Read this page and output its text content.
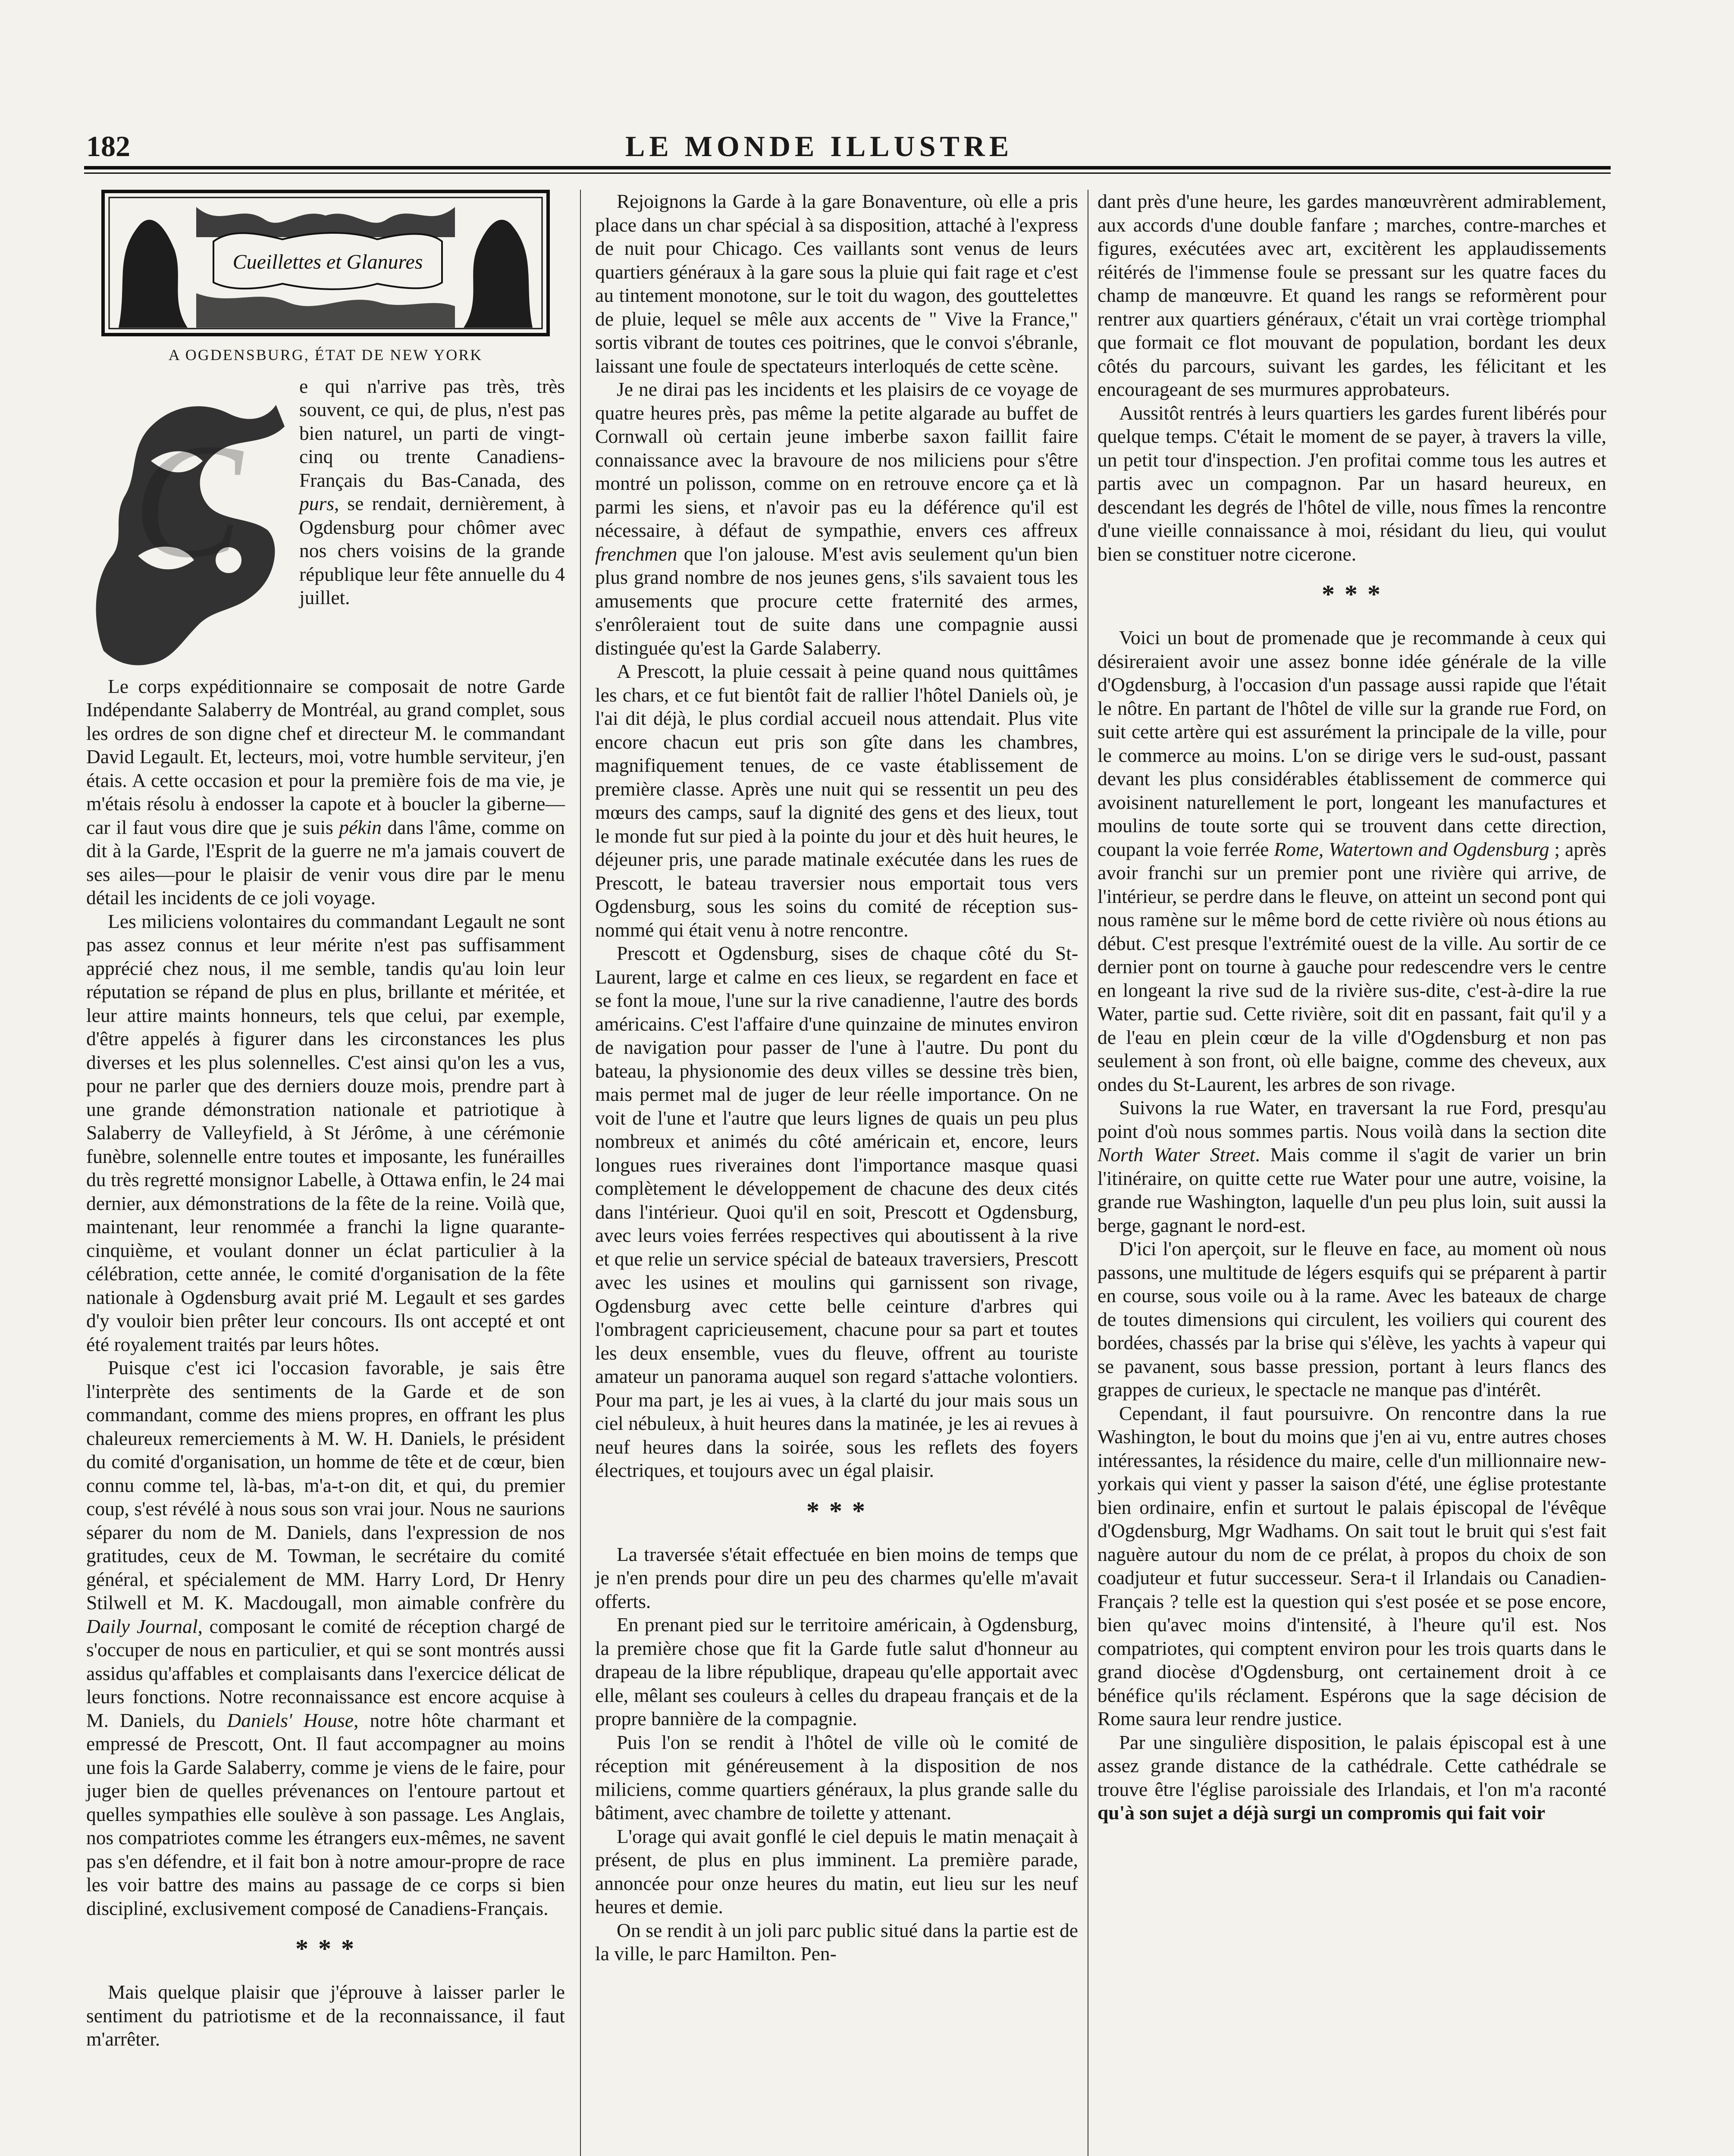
182	LE MONDE ILLUSTRE
Cueillettes et Glanures

A OGDENSBURG, ÉTAT DE NEW YORK

C

e qui n'arrive pas très, très souvent, ce qui, de plus, n'est pas bien naturel, un parti de vingt-cinq ou trente Canadiens-Français du Bas-Canada, des purs, se rendait, dernièrement, à Ogdensburg pour chômer avec nos chers voisins de la grande république leur fête annuelle du 4 juillet.

Le corps expéditionnaire se composait de notre Garde Indépendante Salaberry de Montréal, au grand complet, sous les ordres de son digne chef et directeur M. le commandant David Legault. Et, lecteurs, moi, votre humble serviteur, j'en étais. A cette occasion et pour la première fois de ma vie, je m'étais résolu à endosser la capote et à boucler la giberne—car il faut vous dire que je suis pékin dans l'âme, comme on dit à la Garde, l'Esprit de la guerre ne m'a jamais couvert de ses ailes—pour le plaisir de venir vous dire par le menu détail les incidents de ce joli voyage.

Les miliciens volontaires du commandant Legault ne sont pas assez connus et leur mérite n'est pas suffisamment apprécié chez nous, il me semble, tandis qu'au loin leur réputation se répand de plus en plus, brillante et méritée, et leur attire maints honneurs, tels que celui, par exemple, d'être appelés à figurer dans les circonstances les plus diverses et les plus solennelles. C'est ainsi qu'on les a vus, pour ne parler que des derniers douze mois, prendre part à une grande démonstration nationale et patriotique à Salaberry de Valleyfield, à St Jérôme, à une cérémonie funèbre, solennelle entre toutes et imposante, les funérailles du très regretté monsignor Labelle, à Ottawa enfin, le 24 mai dernier, aux démonstrations de la fête de la reine. Voilà que, maintenant, leur renommée a franchi la ligne quarante-cinquième, et voulant donner un éclat particulier à la célébration, cette année, le comité d'organisation de la fête nationale à Ogdensburg avait prié M. Legault et ses gardes d'y vouloir bien prêter leur concours. Ils ont accepté et ont été royalement traités par leurs hôtes.

Puisque c'est ici l'occasion favorable, je sais être l'interprète des sentiments de la Garde et de son commandant, comme des miens propres, en offrant les plus chaleureux remerciements à M. W. H. Daniels, le président du comité d'organisation, un homme de tête et de cœur, bien connu comme tel, là-bas, m'a-t-on dit, et qui, du premier coup, s'est révélé à nous sous son vrai jour. Nous ne saurions séparer du nom de M. Daniels, dans l'expression de nos gratitudes, ceux de M. Towman, le secrétaire du comité général, et spécialement de MM. Harry Lord, Dr Henry Stilwell et M. K. Macdougall, mon aimable confrère du Daily Journal, composant le comité de réception chargé de s'occuper de nous en particulier, et qui se sont montrés aussi assidus qu'affables et complaisants dans l'exercice délicat de leurs fonctions. Notre reconnaissance est encore acquise à M. Daniels, du Daniels' House, notre hôte charmant et empressé de Prescott, Ont. Il faut accompagner au moins une fois la Garde Salaberry, comme je viens de le faire, pour juger bien de quelles prévenances on l'entoure partout et quelles sympathies elle soulève à son passage. Les Anglais, nos compatriotes comme les étrangers eux-mêmes, ne savent pas s'en défendre, et il fait bon à notre amour-propre de race les voir battre des mains au passage de ce corps si bien discipliné, exclusivement composé de Canadiens-Français.

* * *

Mais quelque plaisir que j'éprouve à laisser parler le sentiment du patriotisme et de la reconnaissance, il faut m'arrêter.

Rejoignons la Garde à la gare Bonaventure, où elle a pris place dans un char spécial à sa disposition, attaché à l'express de nuit pour Chicago. Ces vaillants sont venus de leurs quartiers généraux à la gare sous la pluie qui fait rage et c'est au tintement monotone, sur le toit du wagon, des gouttelettes de pluie, lequel se mêle aux accents de " Vive la France," sortis vibrant de toutes ces poitrines, que le convoi s'ébranle, laissant une foule de spectateurs interloqués de cette scène.

Je ne dirai pas les incidents et les plaisirs de ce voyage de quatre heures près, pas même la petite algarade au buffet de Cornwall où certain jeune imberbe saxon faillit faire connaissance avec la bravoure de nos miliciens pour s'être montré un polisson, comme on en retrouve encore ça et là parmi les siens, et n'avoir pas eu la déférence qu'il est nécessaire, à défaut de sympathie, envers ces affreux frenchmen que l'on jalouse. M'est avis seulement qu'un bien plus grand nombre de nos jeunes gens, s'ils savaient tous les amusements que procure cette fraternité des armes, s'enrôleraient tout de suite dans une compagnie aussi distinguée qu'est la Garde Salaberry.

A Prescott, la pluie cessait à peine quand nous quittâmes les chars, et ce fut bientôt fait de rallier l'hôtel Daniels où, je l'ai dit déjà, le plus cordial accueil nous attendait. Plus vite encore chacun eut pris son gîte dans les chambres, magnifiquement tenues, de ce vaste établissement de première classe. Après une nuit qui se ressentit un peu des mœurs des camps, sauf la dignité des gens et des lieux, tout le monde fut sur pied à la pointe du jour et dès huit heures, le déjeuner pris, une parade matinale exécutée dans les rues de Prescott, le bateau traversier nous emportait tous vers Ogdensburg, sous les soins du comité de réception sus-nommé qui était venu à notre rencontre.

Prescott et Ogdensburg, sises de chaque côté du St-Laurent, large et calme en ces lieux, se regardent en face et se font la moue, l'une sur la rive canadienne, l'autre des bords américains. C'est l'affaire d'une quinzaine de minutes environ de navigation pour passer de l'une à l'autre. Du pont du bateau, la physionomie des deux villes se dessine très bien, mais permet mal de juger de leur réelle importance. On ne voit de l'une et l'autre que leurs lignes de quais un peu plus nombreux et animés du côté américain et, encore, leurs longues rues riveraines dont l'importance masque quasi complètement le développement de chacune des deux cités dans l'intérieur. Quoi qu'il en soit, Prescott et Ogdensburg, avec leurs voies ferrées respectives qui aboutissent à la rive et que relie un service spécial de bateaux traversiers, Prescott avec les usines et moulins qui garnissent son rivage, Ogdensburg avec cette belle ceinture d'arbres qui l'ombragent capricieusement, chacune pour sa part et toutes les deux ensemble, vues du fleuve, offrent au touriste amateur un panorama auquel son regard s'attache volontiers. Pour ma part, je les ai vues, à la clarté du jour mais sous un ciel nébuleux, à huit heures dans la matinée, je les ai revues à neuf heures dans la soirée, sous les reflets des foyers électriques, et toujours avec un égal plaisir.

* * *

La traversée s'était effectuée en bien moins de temps que je n'en prends pour dire un peu des charmes qu'elle m'avait offerts.

En prenant pied sur le territoire américain, à Ogdensburg, la première chose que fit la Garde futle salut d'honneur au drapeau de la libre république, drapeau qu'elle apportait avec elle, mêlant ses couleurs à celles du drapeau français et de la propre bannière de la compagnie.

Puis l'on se rendit à l'hôtel de ville où le comité de réception mit généreusement à la disposition de nos miliciens, comme quartiers généraux, la plus grande salle du bâtiment, avec chambre de toilette y attenant.

L'orage qui avait gonflé le ciel depuis le matin menaçait à présent, de plus en plus imminent. La première parade, annoncée pour onze heures du matin, eut lieu sur les neuf heures et demie.

On se rendit à un joli parc public situé dans la partie est de la ville, le parc Hamilton. Pen-

dant près d'une heure, les gardes manœuvrèrent admirablement, aux accords d'une double fanfare ; marches, contre-marches et figures, exécutées avec art, excitèrent les applaudissements réitérés de l'immense foule se pressant sur les quatre faces du champ de manœuvre. Et quand les rangs se reformèrent pour rentrer aux quartiers généraux, c'était un vrai cortège triomphal que formait ce flot mouvant de population, bordant les deux côtés du parcours, suivant les gardes, les félicitant et les encourageant de ses murmures approbateurs.

Aussitôt rentrés à leurs quartiers les gardes furent libérés pour quelque temps. C'était le moment de se payer, à travers la ville, un petit tour d'inspection. J'en profitai comme tous les autres et partis avec un compagnon. Par un hasard heureux, en descendant les degrés de l'hôtel de ville, nous fîmes la rencontre d'une vieille connaissance à moi, résidant du lieu, qui voulut bien se constituer notre cicerone.

* * *

Voici un bout de promenade que je recommande à ceux qui désireraient avoir une assez bonne idée générale de la ville d'Ogdensburg, à l'occasion d'un passage aussi rapide que l'était le nôtre. En partant de l'hôtel de ville sur la grande rue Ford, on suit cette artère qui est assurément la principale de la ville, pour le commerce au moins. L'on se dirige vers le sud-oust, passant devant les plus considérables établissement de commerce qui avoisinent naturellement le port, longeant les manufactures et moulins de toute sorte qui se trouvent dans cette direction, coupant la voie ferrée Rome, Watertown and Ogdensburg ; après avoir franchi sur un premier pont une rivière qui arrive, de l'intérieur, se perdre dans le fleuve, on atteint un second pont qui nous ramène sur le même bord de cette rivière où nous étions au début. C'est presque l'extrémité ouest de la ville. Au sortir de ce dernier pont on tourne à gauche pour redescendre vers le centre en longeant la rive sud de la rivière sus-dite, c'est-à-dire la rue Water, partie sud. Cette rivière, soit dit en passant, fait qu'il y a de l'eau en plein cœur de la ville d'Ogdensburg et non pas seulement à son front, où elle baigne, comme des cheveux, aux ondes du St-Laurent, les arbres de son rivage.

Suivons la rue Water, en traversant la rue Ford, presqu'au point d'où nous sommes partis. Nous voilà dans la section dite North Water Street. Mais comme il s'agit de varier un brin l'itinéraire, on quitte cette rue Water pour une autre, voisine, la grande rue Washington, laquelle d'un peu plus loin, suit aussi la berge, gagnant le nord-est.

D'ici l'on aperçoit, sur le fleuve en face, au moment où nous passons, une multitude de légers esquifs qui se préparent à partir en course, sous voile ou à la rame. Avec les bateaux de charge de toutes dimensions qui circulent, les voiliers qui courent des bordées, chassés par la brise qui s'élève, les yachts à vapeur qui se pavanent, sous basse pression, portant à leurs flancs des grappes de curieux, le spectacle ne manque pas d'intérêt.

Cependant, il faut poursuivre. On rencontre dans la rue Washington, le bout du moins que j'en ai vu, entre autres choses intéressantes, la résidence du maire, celle d'un millionnaire new-yorkais qui vient y passer la saison d'été, une église protestante bien ordinaire, enfin et surtout le palais épiscopal de l'évêque d'Ogdensburg, Mgr Wadhams. On sait tout le bruit qui s'est fait naguère autour du nom de ce prélat, à propos du choix de son coadjuteur et futur successeur. Sera-t il Irlandais ou Canadien-Français ? telle est la question qui s'est posée et se pose encore, bien qu'avec moins d'intensité, à l'heure qu'il est. Nos compatriotes, qui comptent environ pour les trois quarts dans le grand diocèse d'Ogdensburg, ont certainement droit à ce bénéfice qu'ils réclament. Espérons que la sage décision de Rome saura leur rendre justice.

Par une singulière disposition, le palais épiscopal est à une assez grande distance de la cathédrale. Cette cathédrale se trouve être l'église paroissiale des Irlandais, et l'on m'a raconté qu'à son sujet a déjà surgi un compromis qui fait voir
